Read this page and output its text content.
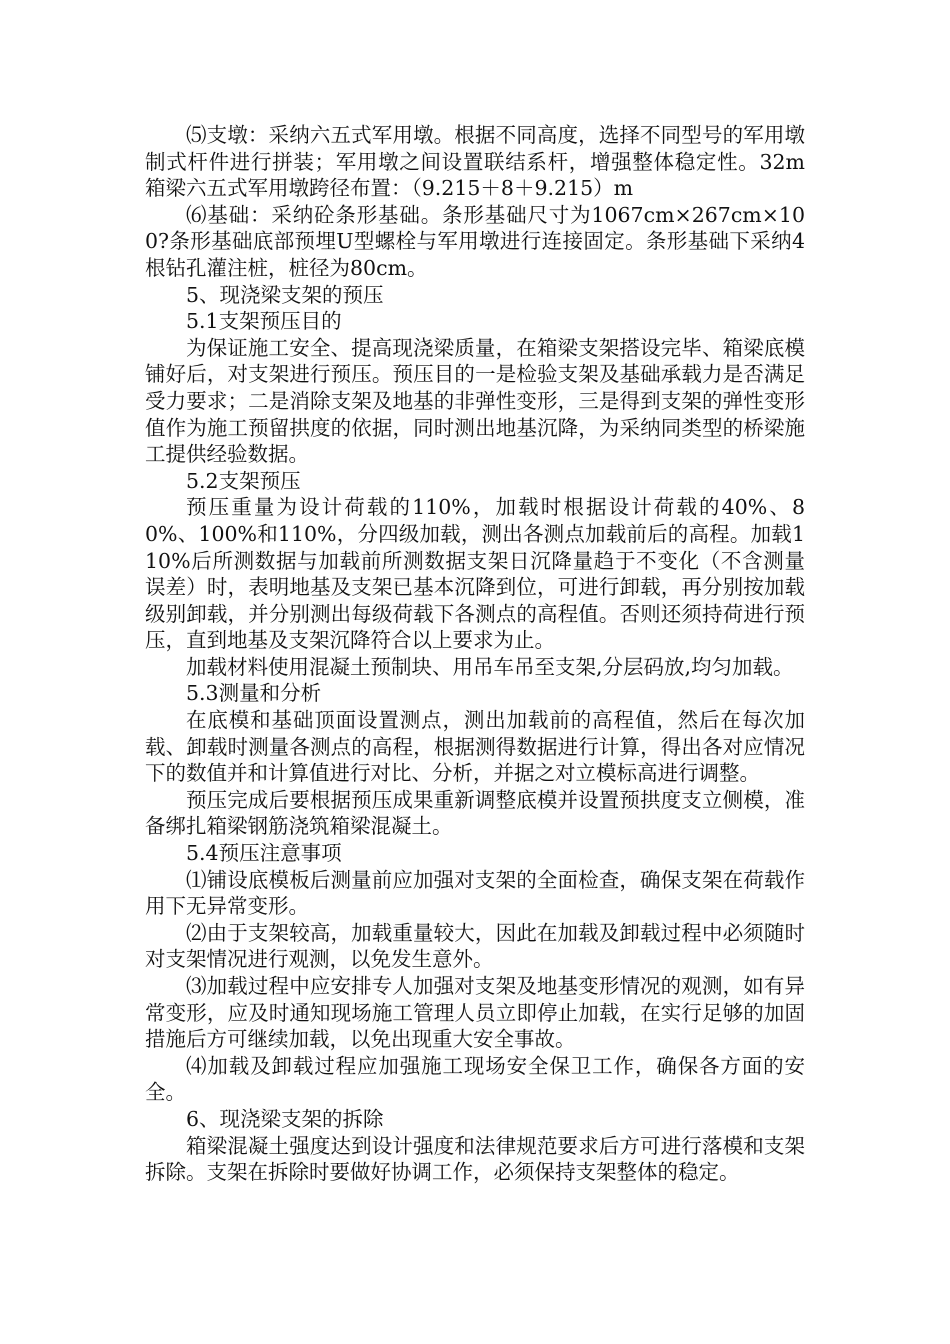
⑸支墩：采纳六五式军用墩。根据不同高度，选择不同型号的军用墩制式杆件进行拼装；军用墩之间设置联结系杆，增强整体稳定性。32m箱梁六五式军用墩跨径布置：（9.215＋8＋9.215）m

⑹基础：采纳砼条形基础。条形基础尺寸为1067cm×267cm×100?条形基础底部预埋U型螺栓与军用墩进行连接固定。条形基础下采纳4根钻孔灌注桩，桩径为80cm。

5、现浇梁支架的预压

5.1支架预压目的

为保证施工安全、提高现浇梁质量，在箱梁支架搭设完毕、箱梁底模铺好后，对支架进行预压。预压目的一是检验支架及基础承载力是否满足受力要求；二是消除支架及地基的非弹性变形，三是得到支架的弹性变形值作为施工预留拱度的依据，同时测出地基沉降，为采纳同类型的桥梁施工提供经验数据。

5.2支架预压

预压重量为设计荷载的110%，加载时根据设计荷载的40%、80%、100%和110%，分四级加载，测出各测点加载前后的高程。加载110%后所测数据与加载前所测数据支架日沉降量趋于不变化（不含测量误差）时，表明地基及支架已基本沉降到位，可进行卸载，再分别按加载级别卸载，并分别测出每级荷载下各测点的高程值。否则还须持荷进行预压，直到地基及支架沉降符合以上要求为止。

加载材料使用混凝土预制块、用吊车吊至支架,分层码放,均匀加载。

5.3测量和分析

在底模和基础顶面设置测点，测出加载前的高程值，然后在每次加载、卸载时测量各测点的高程，根据测得数据进行计算，得出各对应情况下的数值并和计算值进行对比、分析，并据之对立模标高进行调整。

预压完成后要根据预压成果重新调整底模并设置预拱度支立侧模，准备绑扎箱梁钢筋浇筑箱梁混凝土。

5.4预压注意事项

⑴铺设底模板后测量前应加强对支架的全面检查，确保支架在荷载作用下无异常变形。

⑵由于支架较高，加载重量较大，因此在加载及卸载过程中必须随时对支架情况进行观测，以免发生意外。

⑶加载过程中应安排专人加强对支架及地基变形情况的观测，如有异常变形，应及时通知现场施工管理人员立即停止加载，在实行足够的加固措施后方可继续加载，以免出现重大安全事故。

⑷加载及卸载过程应加强施工现场安全保卫工作，确保各方面的安全。

6、现浇梁支架的拆除

箱梁混凝土强度达到设计强度和法律规范要求后方可进行落模和支架拆除。支架在拆除时要做好协调工作，必须保持支架整体的稳定。
